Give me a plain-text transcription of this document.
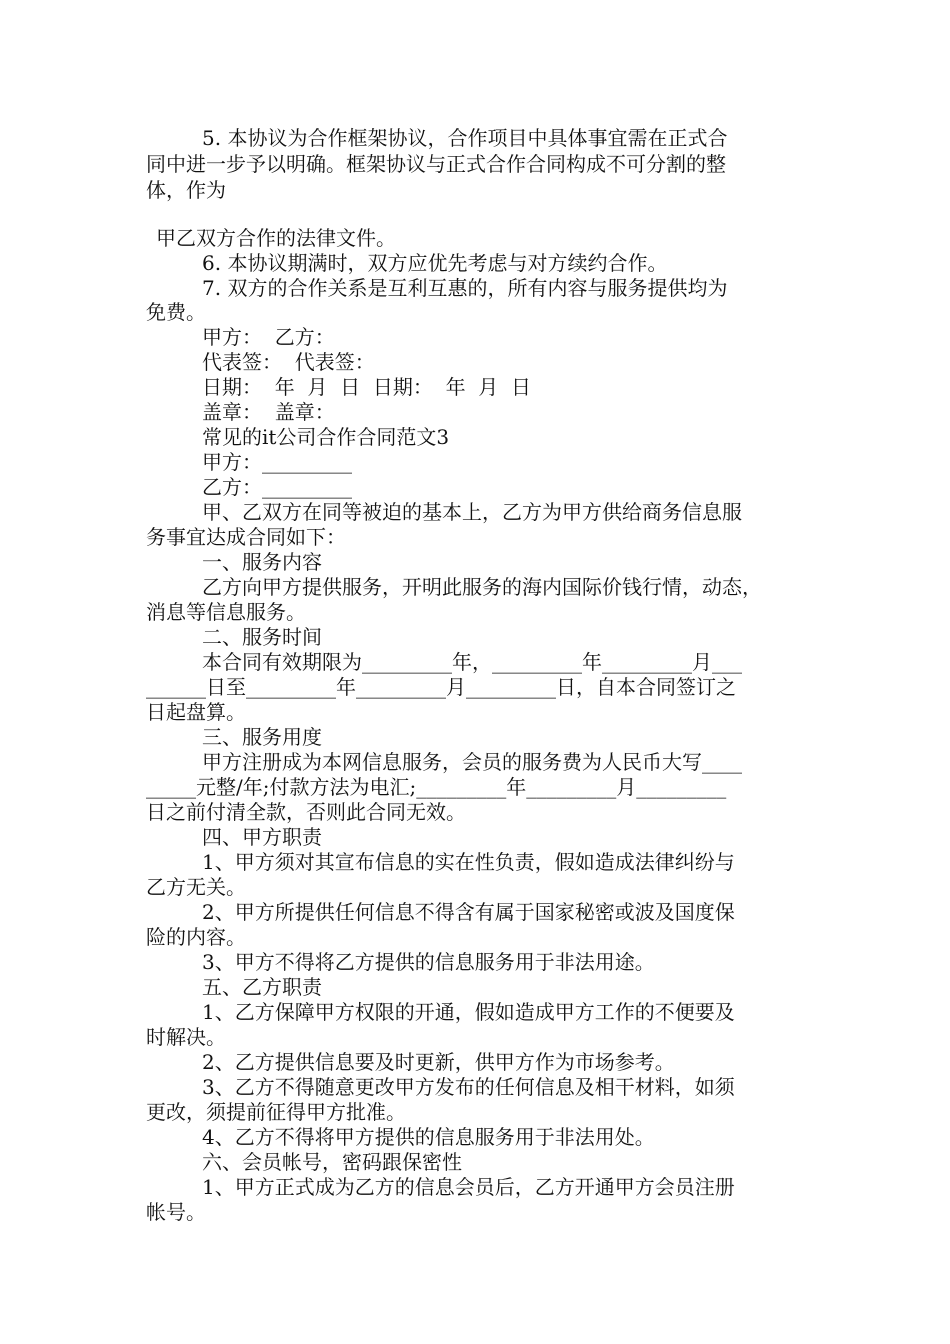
5. 本协议为合作框架协议，合作项目中具体事宜需在正式合
同中进一步予以明确。框架协议与正式合作合同构成不可分割的整
体，作为
甲乙双方合作的法律文件。
6. 本协议期满时，双方应优先考虑与对方续约合作。
7. 双方的合作关系是互利互惠的，所有内容与服务提供均为
免费。
甲方：  乙方：
代表签：  代表签：
日期：  年  月  日  日期：  年  月  日
盖章：  盖章：
常见的it公司合作合同范文3
甲方：_________
乙方：_________
甲、乙双方在同等被迫的基本上，乙方为甲方供给商务信息服
务事宜达成合同如下：
一、服务内容
乙方向甲方提供服务，开明此服务的海内国际价钱行情，动态，
消息等信息服务。
二、服务时间
本合同有效期限为_________年，_________年_________月___
______日至_________年_________月_________日，自本合同签订之
日起盘算。
三、服务用度
甲方注册成为本网信息服务，会员的服务费为人民币大写____
_____元整/年;付款方法为电汇;_________年_________月_________
日之前付清全款，否则此合同无效。
四、甲方职责
1、甲方须对其宣布信息的实在性负责，假如造成法律纠纷与
乙方无关。
2、甲方所提供任何信息不得含有属于国家秘密或波及国度保
险的内容。
3、甲方不得将乙方提供的信息服务用于非法用途。
五、乙方职责
1、乙方保障甲方权限的开通，假如造成甲方工作的不便要及
时解决。
2、乙方提供信息要及时更新，供甲方作为市场参考。
3、乙方不得随意更改甲方发布的任何信息及相干材料，如须
更改，须提前征得甲方批准。
4、乙方不得将甲方提供的信息服务用于非法用处。
六、会员帐号，密码跟保密性
1、甲方正式成为乙方的信息会员后，乙方开通甲方会员注册
帐号。
